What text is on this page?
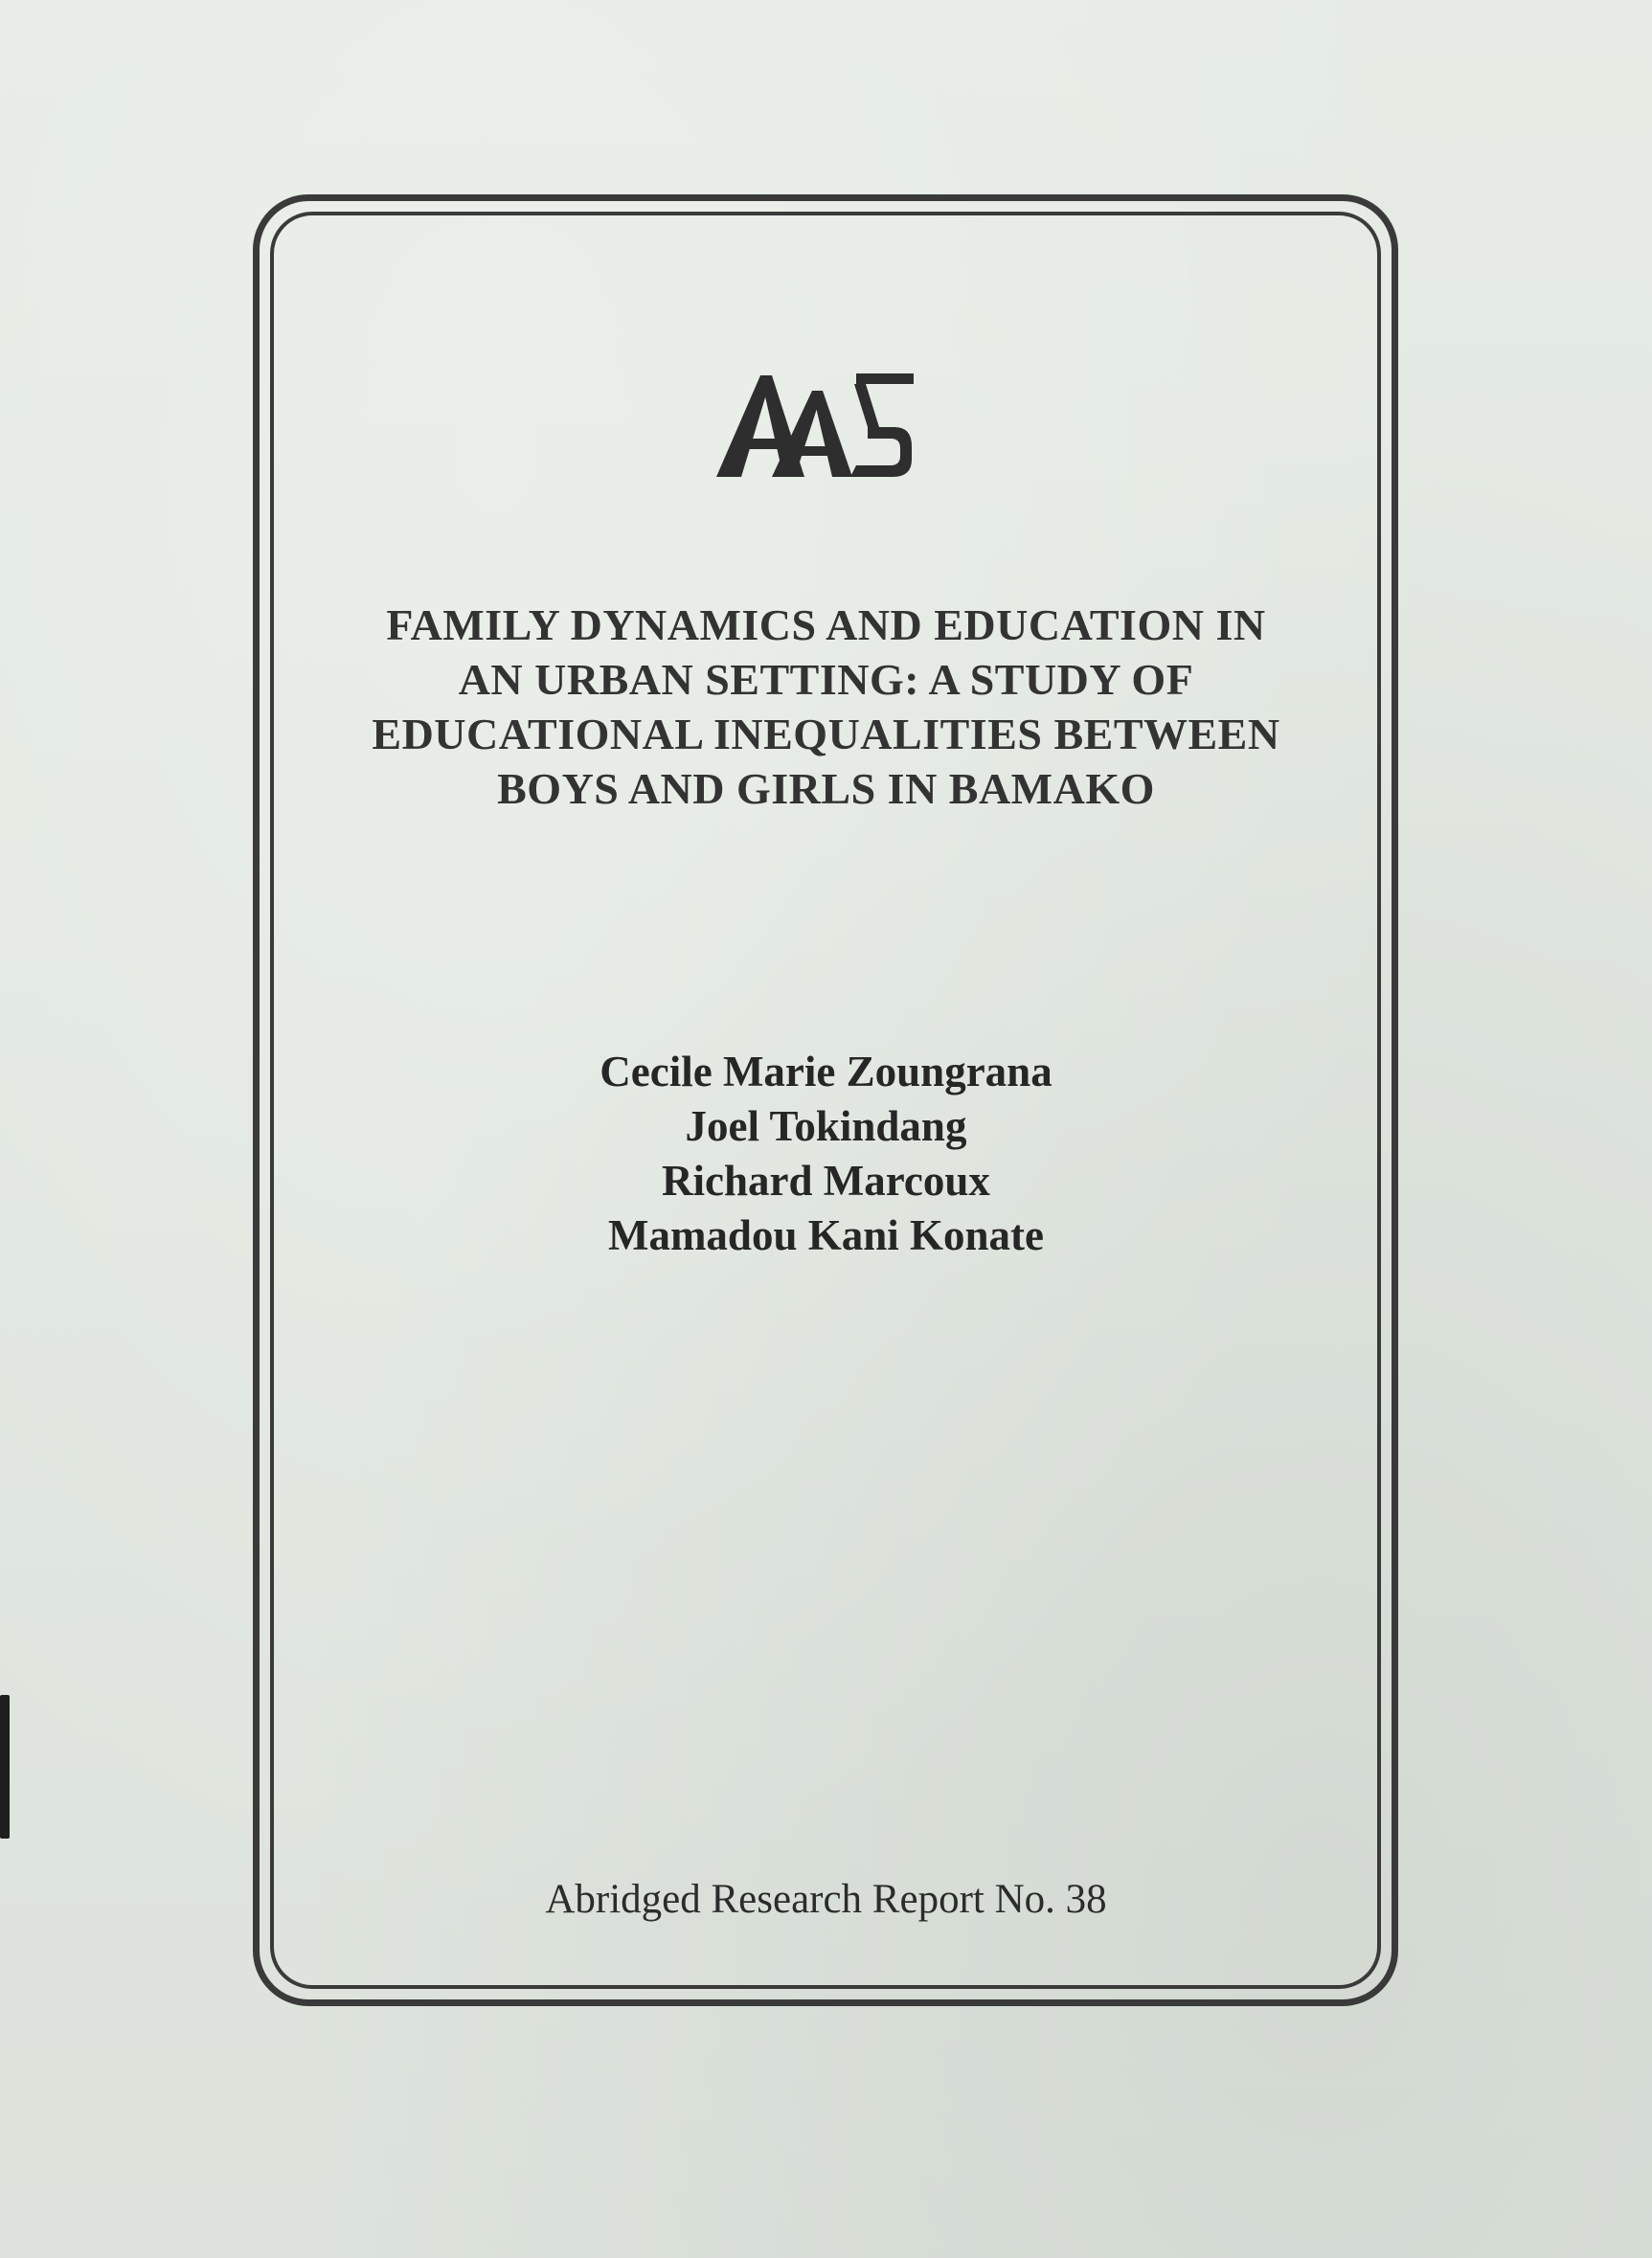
FAMILY DYNAMICS AND EDUCATION IN
AN URBAN SETTING: A STUDY OF
EDUCATIONAL INEQUALITIES BETWEEN
BOYS AND GIRLS IN BAMAKO
Cecile Marie Zoungrana
Joel Tokindang
Richard Marcoux
Mamadou Kani Konate
Abridged Research Report No. 38
